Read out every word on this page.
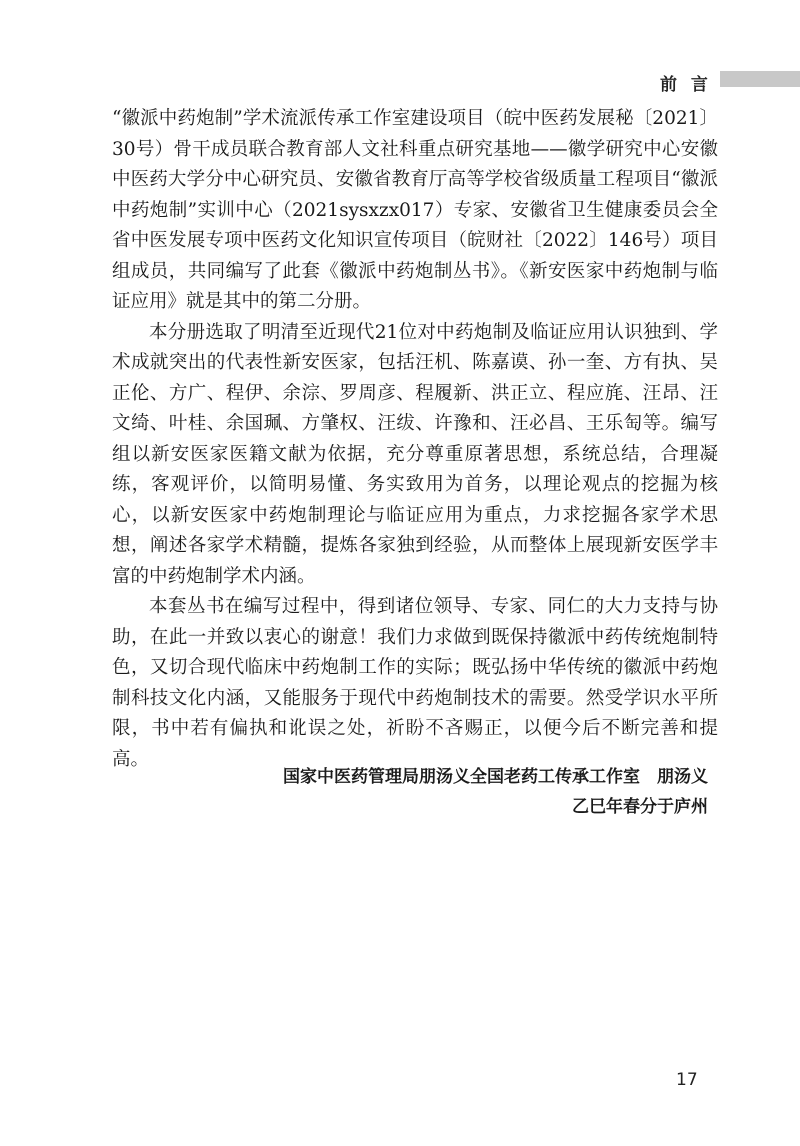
前 言

“徽派中药炮制”学术流派传承工作室建设项目（皖中医药发展秘〔2021〕30号）骨干成员联合教育部人文社科重点研究基地——徽学研究中心安徽中医药大学分中心研究员、安徽省教育厅高等学校省级质量工程项目“徽派中药炮制”实训中心（2021sysxzx017）专家、安徽省卫生健康委员会全省中医发展专项中医药文化知识宣传项目（皖财社〔2022〕146号）项目组成员，共同编写了此套《徽派中药炮制丛书》。《新安医家中药炮制与临证应用》就是其中的第二分册。

本分册选取了明清至近现代21位对中药炮制及临证应用认识独到、学术成就突出的代表性新安医家，包括汪机、陈嘉谟、孙一奎、方有执、吴正伦、方广、程伊、余淙、罗周彦、程履新、洪正立、程应旄、汪昂、汪文绮、叶桂、余国珮、方肇权、汪绂、许豫和、汪必昌、王乐匋等。编写组以新安医家医籍文献为依据，充分尊重原著思想，系统总结，合理凝练，客观评价，以简明易懂、务实致用为首务，以理论观点的挖掘为核心，以新安医家中药炮制理论与临证应用为重点，力求挖掘各家学术思想，阐述各家学术精髓，提炼各家独到经验，从而整体上展现新安医学丰富的中药炮制学术内涵。

本套丛书在编写过程中，得到诸位领导、专家、同仁的大力支持与协助，在此一并致以衷心的谢意！我们力求做到既保持徽派中药传统炮制特色，又切合现代临床中药炮制工作的实际；既弘扬中华传统的徽派中药炮制科技文化内涵，又能服务于现代中药炮制技术的需要。然受学识水平所限，书中若有偏执和讹误之处，祈盼不吝赐正，以便今后不断完善和提高。

国家中医药管理局朋汤义全国老药工传承工作室　朋汤义
乙巳年春分于庐州
17
